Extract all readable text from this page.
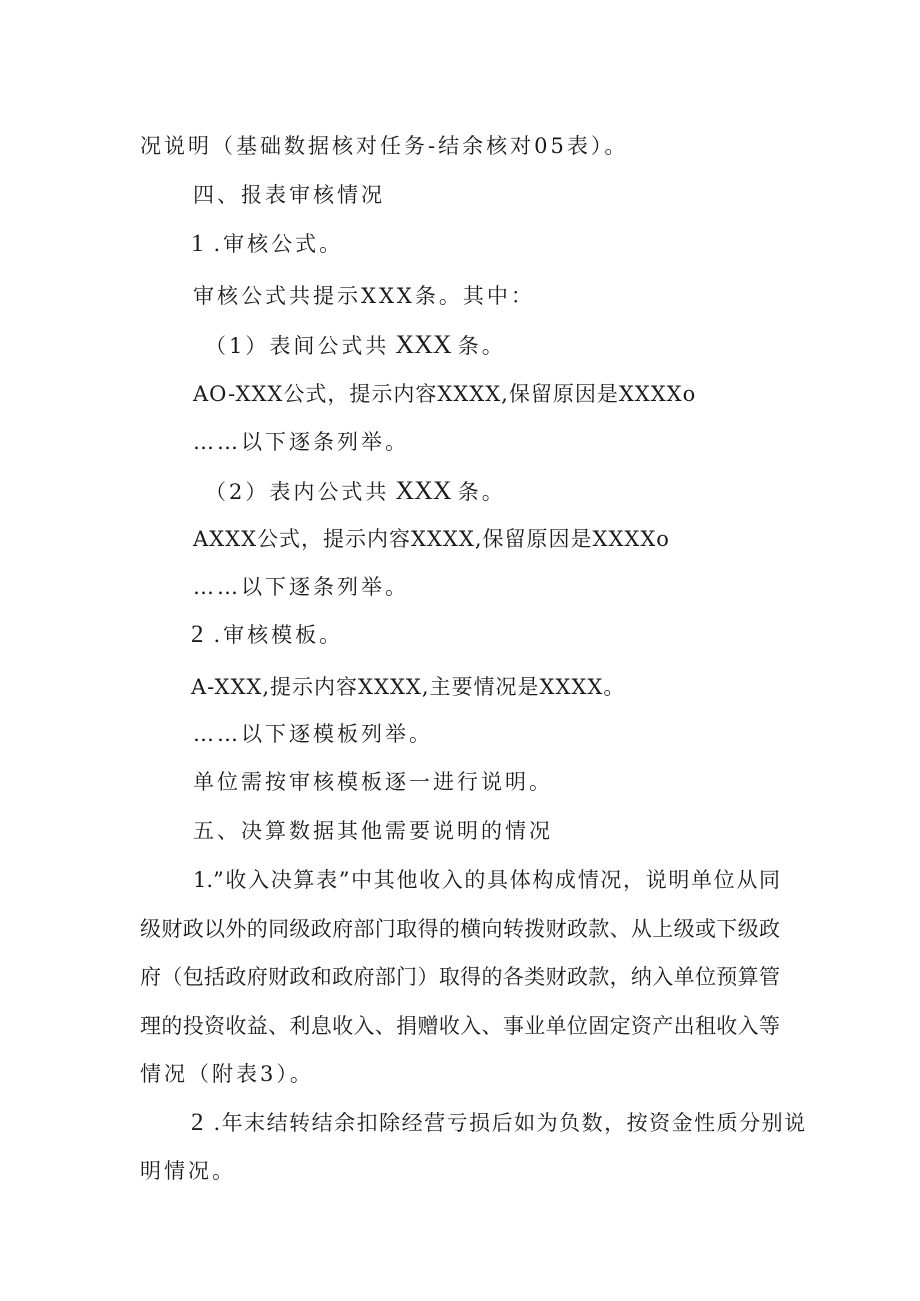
况说明（基础数据核对任务-结余核对05表）。
四、报表审核情况
1 .审核公式。
审核公式共提示XXX条。其中：
（1）表间公式共 XXX 条。
AO-XXX公式，提示内容XXXX,保留原因是XXXXo
……以下逐条列举。
（2）表内公式共 XXX 条。
AXXX公式，提示内容XXXX,保留原因是XXXXo
……以下逐条列举。
2 .审核模板。
A-XXX,提示内容XXXX,主要情况是XXXX。
……以下逐模板列举。
单位需按审核模板逐一进行说明。
五、决算数据其他需要说明的情况
1.”收入决算表”中其他收入的具体构成情况，说明单位从同
级财政以外的同级政府部门取得的横向转拨财政款、从上级或下级政
府（包括政府财政和政府部门）取得的各类财政款，纳入单位预算管
理的投资收益、利息收入、捐赠收入、事业单位固定资产出租收入等
情况（附表3）。
2 .年末结转结余扣除经营亏损后如为负数，按资金性质分别说
明情况。
